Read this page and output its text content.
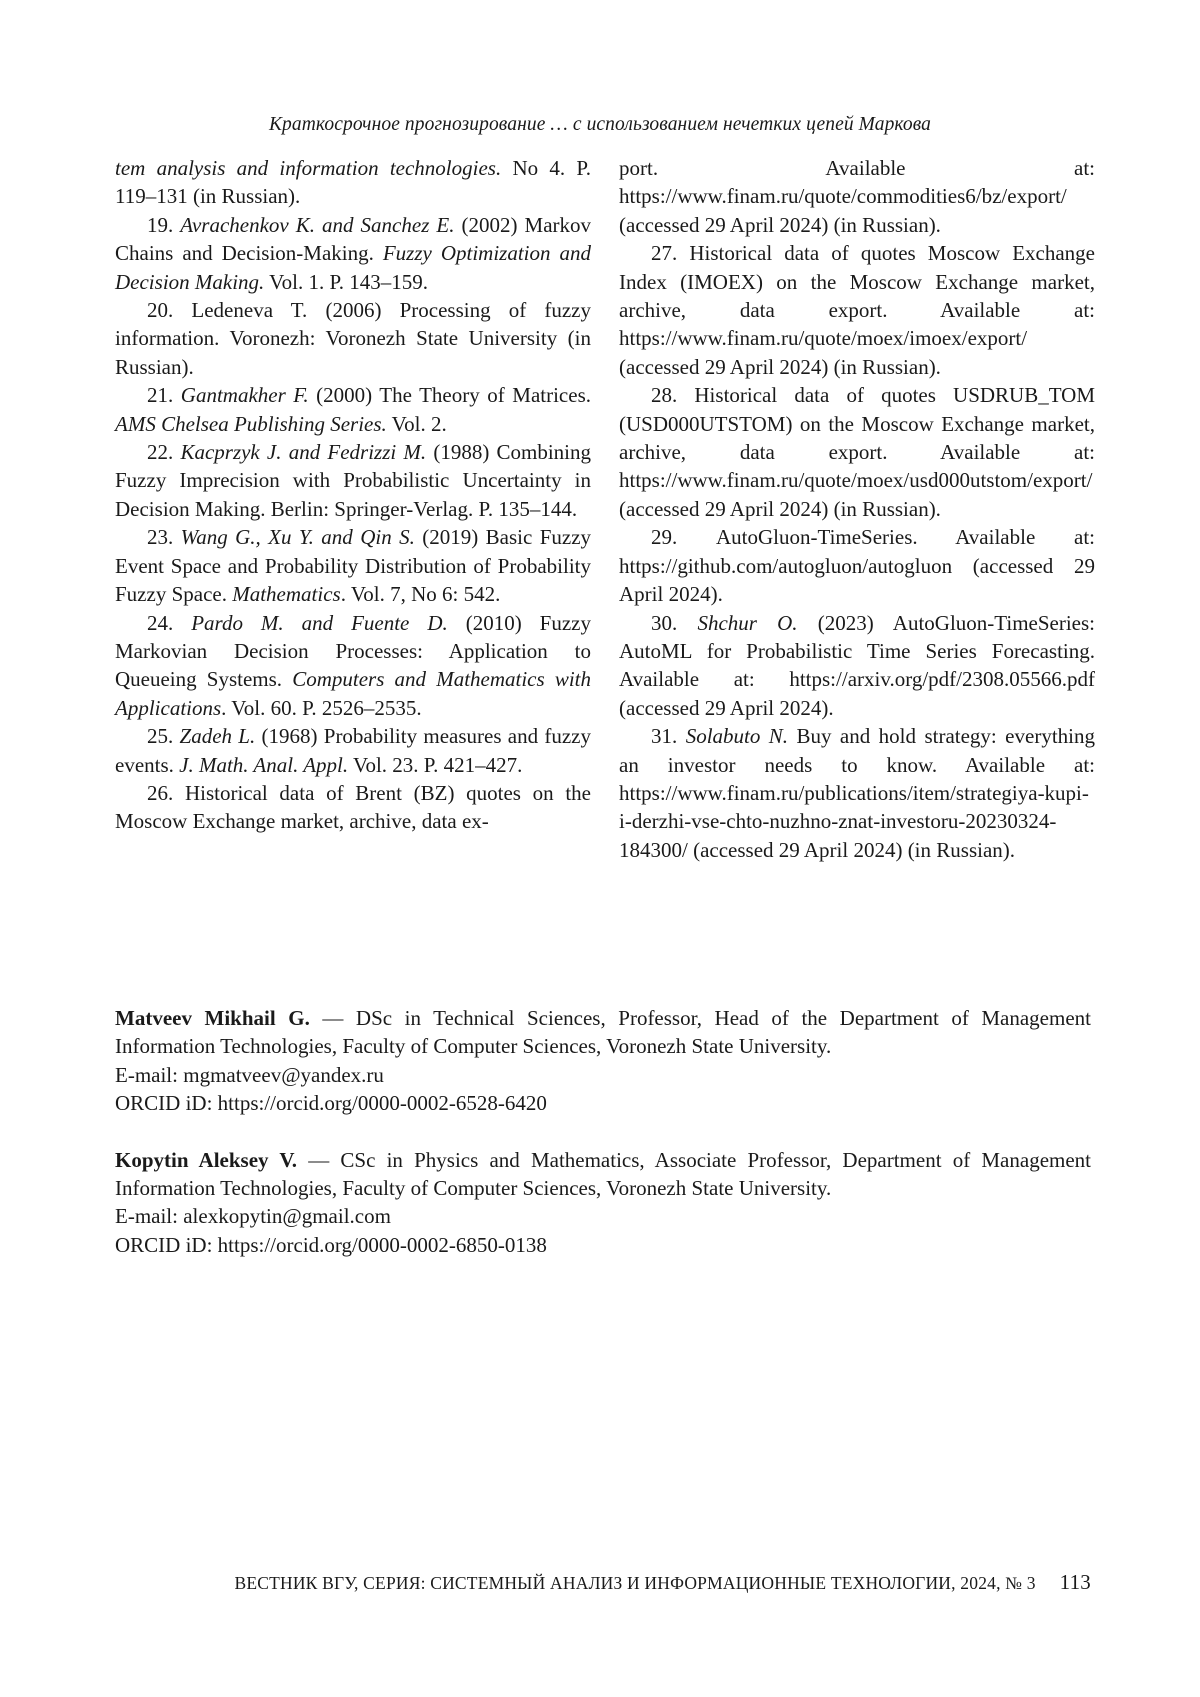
Краткосрочное прогнозирование … с использованием нечетких цепей Маркова

tem analysis and information technologies. No 4. P. 119–131 (in Russian).

19. Avrachenkov K. and Sanchez E. (2002) Markov Chains and Decision-Making. Fuzzy Optimization and Decision Making. Vol. 1. P. 143–159.

20. Ledeneva T. (2006) Processing of fuzzy information. Voronezh: Voronezh State University (in Russian).

21. Gantmakher F. (2000) The Theory of Matrices. AMS Chelsea Publishing Series. Vol. 2.

22. Kacprzyk J. and Fedrizzi M. (1988) Combining Fuzzy Imprecision with Probabilistic Uncertainty in Decision Making. Berlin: Springer-Verlag. P. 135–144.

23. Wang G., Xu Y. and Qin S. (2019) Basic Fuzzy Event Space and Probability Distribution of Probability Fuzzy Space. Mathematics. Vol. 7, No 6: 542.

24. Pardo M. and Fuente D. (2010) Fuzzy Markovian Decision Processes: Application to Queueing Systems. Computers and Mathematics with Applications. Vol. 60. P. 2526–2535.

25. Zadeh L. (1968) Probability measures and fuzzy events. J. Math. Anal. Appl. Vol. 23. P. 421–427.

26. Historical data of Brent (BZ) quotes on the Moscow Exchange market, archive, data ex-

port. Available at: https://www.finam.ru/quote/commodities6/bz/export/ (accessed 29 April 2024) (in Russian).

27. Historical data of quotes Moscow Exchange Index (IMOEX) on the Moscow Exchange market, archive, data export. Available at: https://www.finam.ru/quote/moex/imoex/export/ (accessed 29 April 2024) (in Russian).

28. Historical data of quotes USDRUB_TOM (USD000UTSTOM) on the Moscow Exchange market, archive, data export. Available at: https://www.finam.ru/quote/moex/usd000utstom/export/ (accessed 29 April 2024) (in Russian).

29. AutoGluon-TimeSeries. Available at: https://github.com/autogluon/autogluon (accessed 29 April 2024).

30. Shchur O. (2023) AutoGluon-TimeSeries: AutoML for Probabilistic Time Series Forecasting. Available at: https://arxiv.org/pdf/2308.05566.pdf (accessed 29 April 2024).

31. Solabuto N. Buy and hold strategy: everything an investor needs to know. Available at: https://www.finam.ru/publications/item/strategiya-kupi-i-derzhi-vse-chto-nuzhno-znat-investoru-20230324-184300/ (accessed 29 April 2024) (in Russian).

Matveev Mikhail G. — DSc in Technical Sciences, Professor, Head of the Department of Management Information Technologies, Faculty of Computer Sciences, Voronezh State University.

E-mail: mgmatveev@yandex.ru

ORCID iD: https://orcid.org/0000-0002-6528-6420

Kopytin Aleksey V. — CSc in Physics and Mathematics, Associate Professor, Department of Management Information Technologies, Faculty of Computer Sciences, Voronezh State University.

E-mail: alexkopytin@gmail.com

ORCID iD: https://orcid.org/0000-0002-6850-0138

ВЕСТНИК ВГУ, СЕРИЯ: СИСТЕМНЫЙ АНАЛИЗ И ИНФОРМАЦИОННЫЕ ТЕХНОЛОГИИ, 2024, № 3 113
